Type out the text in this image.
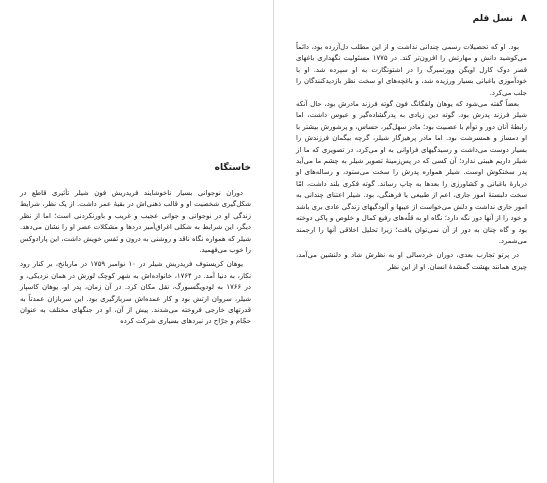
۸
نسل قلم

بود. او که تحصیلات رسمی چندانی نداشت و از این مطلب دل‌آزرده بود، دائماً می‌کوشید دانش و مهارتش را افزون‌تر کند. در ۱۷۷۵ مسئولیت نگهداری باغهای قصر دوک کارل اویگن وورتمبرگ را در اشتوتگارت به او سپرده شد. او با خودآموزی باغبانی بسیار ورزیده شد، و باغچه‌های او سخت نظر بازدیدکنندگان را جلب می‌کرد.

بعضاً گفته می‌شود که یوهان ولفگانگ فون گوته فرزند مادرش بود، حال آنکه شیلر فرزند پدرش بود. گوته دین زیادی به پدرگشاده‌گیر و عبوس داشت، اما رابطهٔ آنان دور و توأم با عصبیت بود؛ مادر سهل‌گیر، حساس، و پرشورش بیشتر با او دمساز و همسرشت بود. اما مادر پرهیزگار شیلر، گرچه بیگمان فرزندش را بسیار دوست می‌داشت و رسیدگیهای فراوانی به او می‌کرد، در تصویری که ما از شیلر داریم هیبتی ندارد؛ آن کسی که در پس‌زمینهٔ تصویر شیلر به چشم ما می‌آید پدر سختکوش اوست. شیلر همواره پدرش را سخت می‌ستود، و رساله‌های او دربارهٔ باغبانی و کشاورزی را بعدها به چاپ رساند. گوته فکری بلند داشت، امّا سخت دلبستهٔ امور جاری، اعم از طبیعی یا فرهنگی، بود. شیلر اعتنای چندانی به امور جاری نداشت و دلش می‌خواست از عیبها و آلودگیهای زندگی عادی بری باشد و خود را از آنها دور نگه دارد؛ نگاه او به قلّه‌های رفیع کمال و خلوص و پاکی دوخته بود و گاه چنان به دور از آن نمی‌توان یافت؛ زیرا تحلیل اخلاقی آنها را ارجمند می‌شمرد.

در پرتو تجارب بعدی، دوران خردسالی او به‌ نظرش شاد و دلنشین می‌آمد، چیزی همانند بهشت گمشدهٔ انسان. او از این نظر

خاستگاه

دوران نوجوانی بسیار ناخوشایند فریدریش فون شیلر تأثیری قاطع در شکل‌گیری شخصیت او و قالب ذهنی‌اش در بقیهٔ عمر داشت. از یک نظر، شرایط زندگی او در نوجوانی و جوانی عجیب و غریب و باورنکردنی است؛ اما از نظر دیگر، این شرایط به شکلی اغراق‌آمیز دردها و مشکلات عصر او را نشان می‌دهد. شیلر که همواره نگاه ناقد و روشنی به درون و نَفس خویش داشت، این پارادوکس را خوب می‌فهمید.

یوهان کریستوف فریدریش شیلر در ۱۰ نوامبر ۱۷۵۹ در ماربانخ، بر کنار رود نکار، به دنیا آمد. در ۱۷۶۴، خانواده‌اش به شهر کوچک لورش در همان نزدیکی، و در ۱۷۶۶ به لودویگسبورگ، نقل مکان کرد. در آن زمان، پدر او، یوهان کاسپار شیلر، سروان ارتش بود و کار عمده‌اش سربازگیری بود. این سربازان عمدتاً به قدرتهای خارجی فروخته می‌شدند. پیش از آن، او در جنگهای مختلف به عنوان حجّام و جرّاح در نبردهای بسیاری شرکت کرده
